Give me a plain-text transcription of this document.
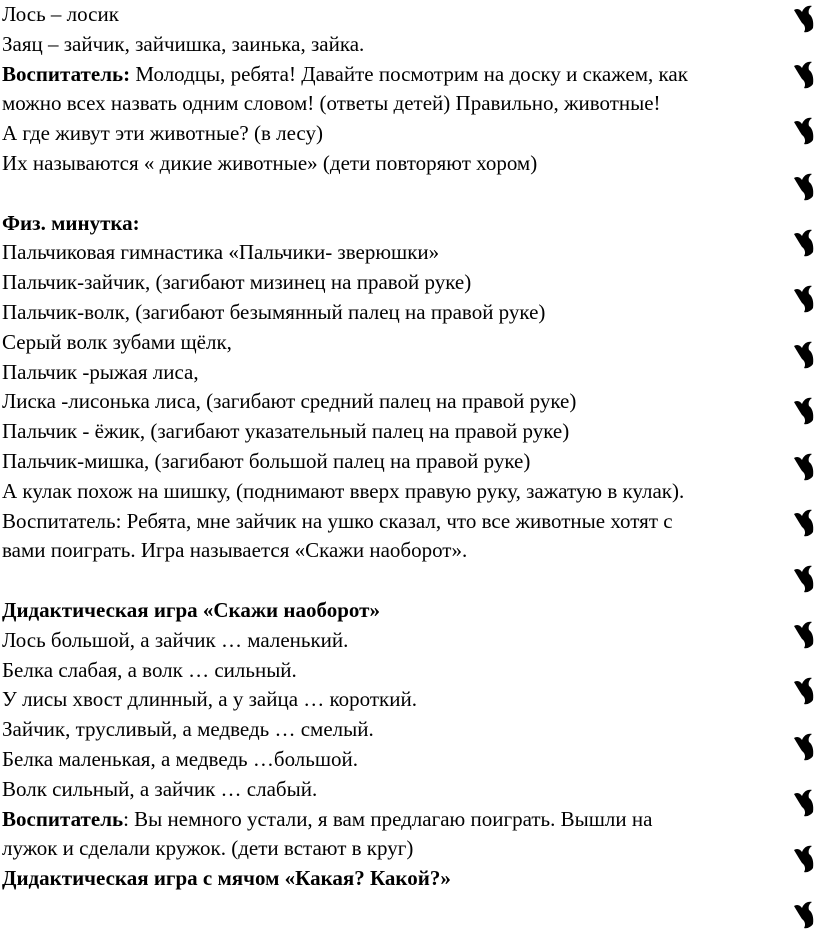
Лось – лосик
Заяц – зайчик, зайчишка, заинька, зайка.
Воспитатель: Молодцы, ребята! Давайте посмотрим на доску и скажем, как
можно всех назвать одним словом! (ответы детей) Правильно, животные!
А где живут эти животные? (в лесу)
Их называются « дикие животные» (дети повторяют хором)
Физ. минутка:
Пальчиковая гимнастика «Пальчики- зверюшки»
Пальчик-зайчик, (загибают мизинец на правой руке)
Пальчик-волк, (загибают безымянный палец на правой руке)
Серый волк зубами щёлк,
Пальчик -рыжая лиса,
Лиска -лисонька лиса, (загибают средний палец на правой руке)
Пальчик - ёжик, (загибают указательный палец на правой руке)
Пальчик-мишка, (загибают большой палец на правой руке)
А кулак похож на шишку, (поднимают вверх правую руку, зажатую в кулак).
Воспитатель: Ребята, мне зайчик на ушко сказал, что все животные хотят с
вами поиграть. Игра называется «Скажи наоборот».
Дидактическая игра «Скажи наоборот»
Лось большой, а зайчик … маленький.
Белка слабая, а волк … сильный.
У лисы хвост длинный, а у зайца … короткий.
Зайчик, трусливый, а медведь … смелый.
Белка маленькая, а медведь …большой.
Волк сильный, а зайчик … слабый.
Воспитатель: Вы немного устали, я вам предлагаю поиграть. Вышли на
лужок и сделали кружок. (дети встают в круг)
Дидактическая игра с мячом «Какая? Какой?»
